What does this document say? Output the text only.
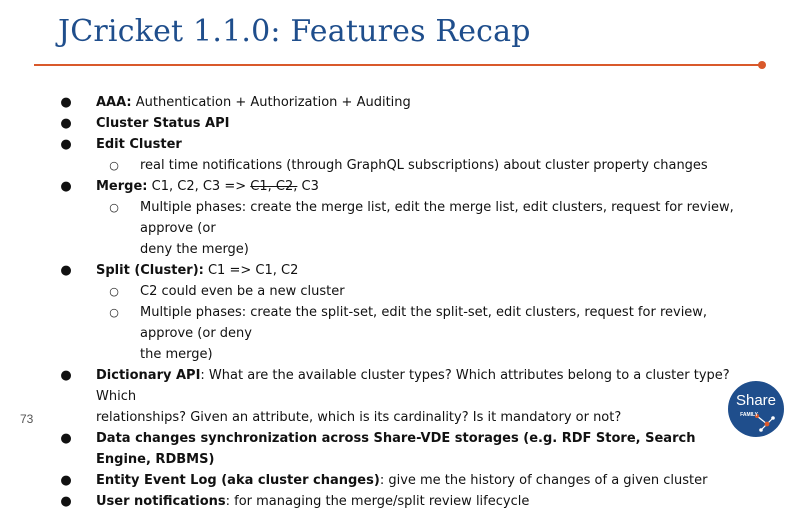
JCricket 1.1.0: Features Recap
●	AAA: Authentication + Authorization + Auditing
●	Cluster Status API
●	Edit Cluster
○	real time notifications (through GraphQL subscriptions) about cluster property changes
●	Merge: C1, C2, C3 => C1, C2, C3
○	Multiple phases: create the merge list, edit the merge list, edit clusters, request for review, approve (or
deny the merge)
●	Split (Cluster): C1 => C1, C2
○	C2 could even be a new cluster
○	Multiple phases: create the split-set, edit the split-set, edit clusters, request for review, approve (or deny
the merge)
●	Dictionary API: What are the available cluster types? Which attributes belong to a cluster type? Which
relationships? Given an attribute, which is its cardinality? Is it mandatory or not?
●	Data changes synchronization across Share-VDE storages (e.g. RDF Store, Search Engine, RDBMS)
●	Entity Event Log (aka cluster changes): give me the history of changes of a given cluster
●	User notifications: for managing the merge/split review lifecycle
73
Share
FAMILY
